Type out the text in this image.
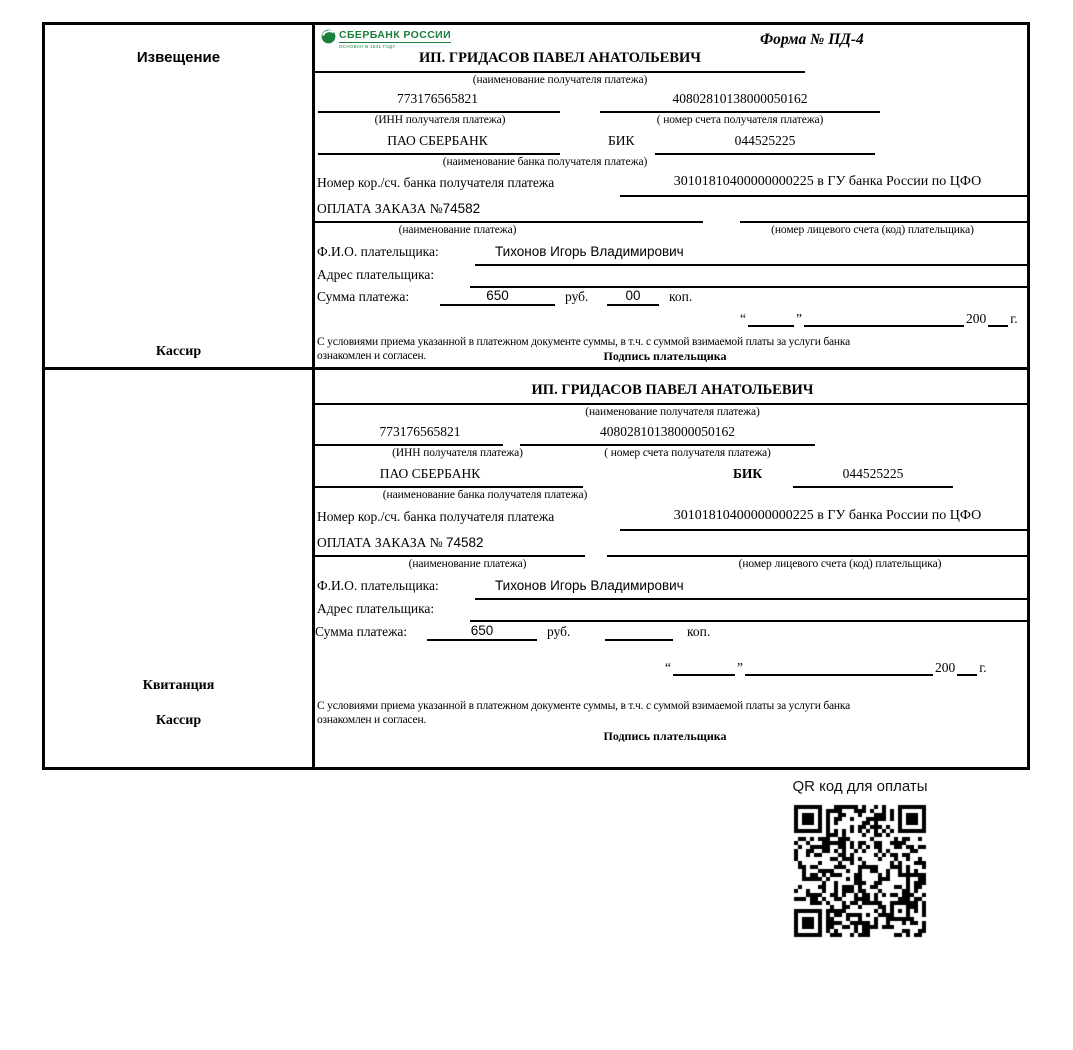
Извещение
Кассир
СБЕРБАНК РОССИИ
ОСНОВАН В 1841 ГОДУ	Форма № ПД-4
ИП. ГРИДАСОВ ПАВЕЛ АНАТОЛЬЕВИЧ
(наименование получателя платежа)
773176565821	40802810138000050162
(ИНН получателя платежа)	( номер счета получателя платежа)
ПАО СБЕРБАНК	БИК	044525225
(наименование банка получателя платежа)
Номер кор./сч. банка получателя платежа	30101810400000000225 в ГУ банка России по ЦФО
ОПЛАТА ЗАКАЗА №74582
(наименование платежа)	(номер лицевого счета (код) плательщика)
Ф.И.О. плательщика:	Тихонов Игорь Владимирович
Адрес плательщика:
Сумма платежа:	650	руб.	00	коп.
“	”	200 г.
С условиями приема указанной в платежном документе суммы, в т.ч. с суммой взимаемой платы за услуги банка
ознакомлен и согласен.	Подпись плательщика
Квитанция
Кассир
ИП. ГРИДАСОВ ПАВЕЛ АНАТОЛЬЕВИЧ
(наименование получателя платежа)
773176565821	40802810138000050162
(ИНН получателя платежа)	( номер счета получателя платежа)
ПАО СБЕРБАНК	БИК	044525225
(наименование банка получателя платежа)
Номер кор./сч. банка получателя платежа	30101810400000000225 в ГУ банка России по ЦФО
ОПЛАТА ЗАКАЗА № 74582
(наименование платежа)	(номер лицевого счета (код) плательщика)
Ф.И.О. плательщика:	Тихонов Игорь Владимирович
Адрес плательщика:
Сумма платежа:	650	руб.	коп.
“	”	200 г.
С условиями приема указанной в платежном документе суммы, в т.ч. с суммой взимаемой платы за услуги банка
ознакомлен и согласен.
Подпись плательщика
QR код для оплаты
